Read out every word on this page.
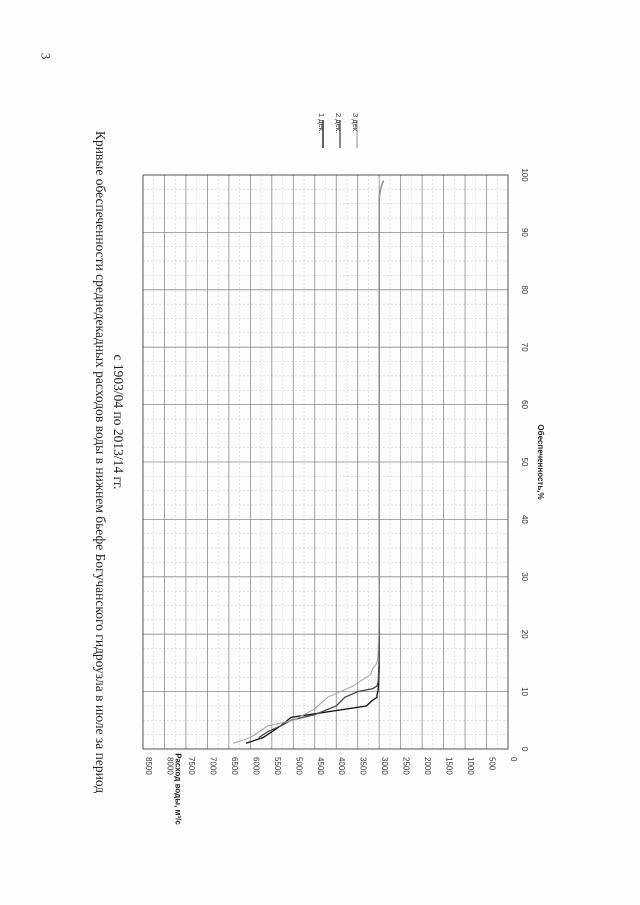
3
0
10
20
30
40
50
60
70
80
90
100
0
500
1000
1500
2000
2500
3000
3500
4000
4500
5000
5500
6000
6500
7000
7500
8000
8500
Обеспеченность,%
Расход воды, м³/с
Кривые обеспеченности среднедекадных расходов воды в нижнем бьефе Богучанского гидроузла в июле за период с 1903/04 по 2013/14 гг.
1 дек. 2 дек. 3 дек.
